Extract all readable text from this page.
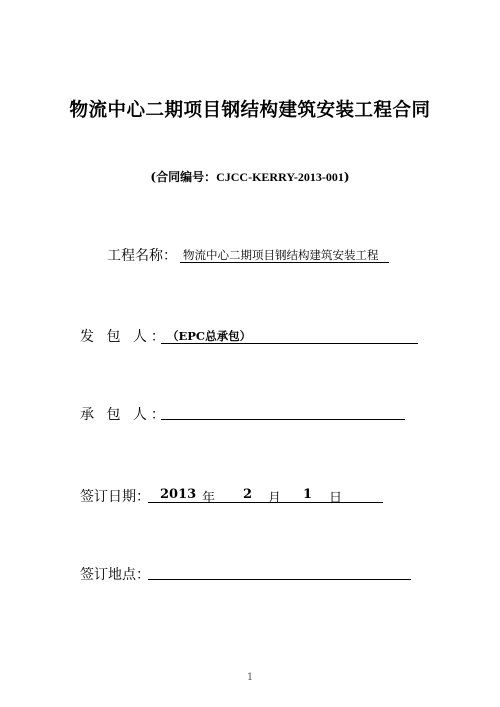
物流中心二期项目钢结构建筑安装工程合同
(合同编号：CJCC-KERRY-2013-001)
工程名称： 物流中心二期项目钢结构建筑安装工程
发 包 人：
（EPC总承包）
承 包 人：
签订日期： 2013 年 2 月 1 日
签订地点：
1
